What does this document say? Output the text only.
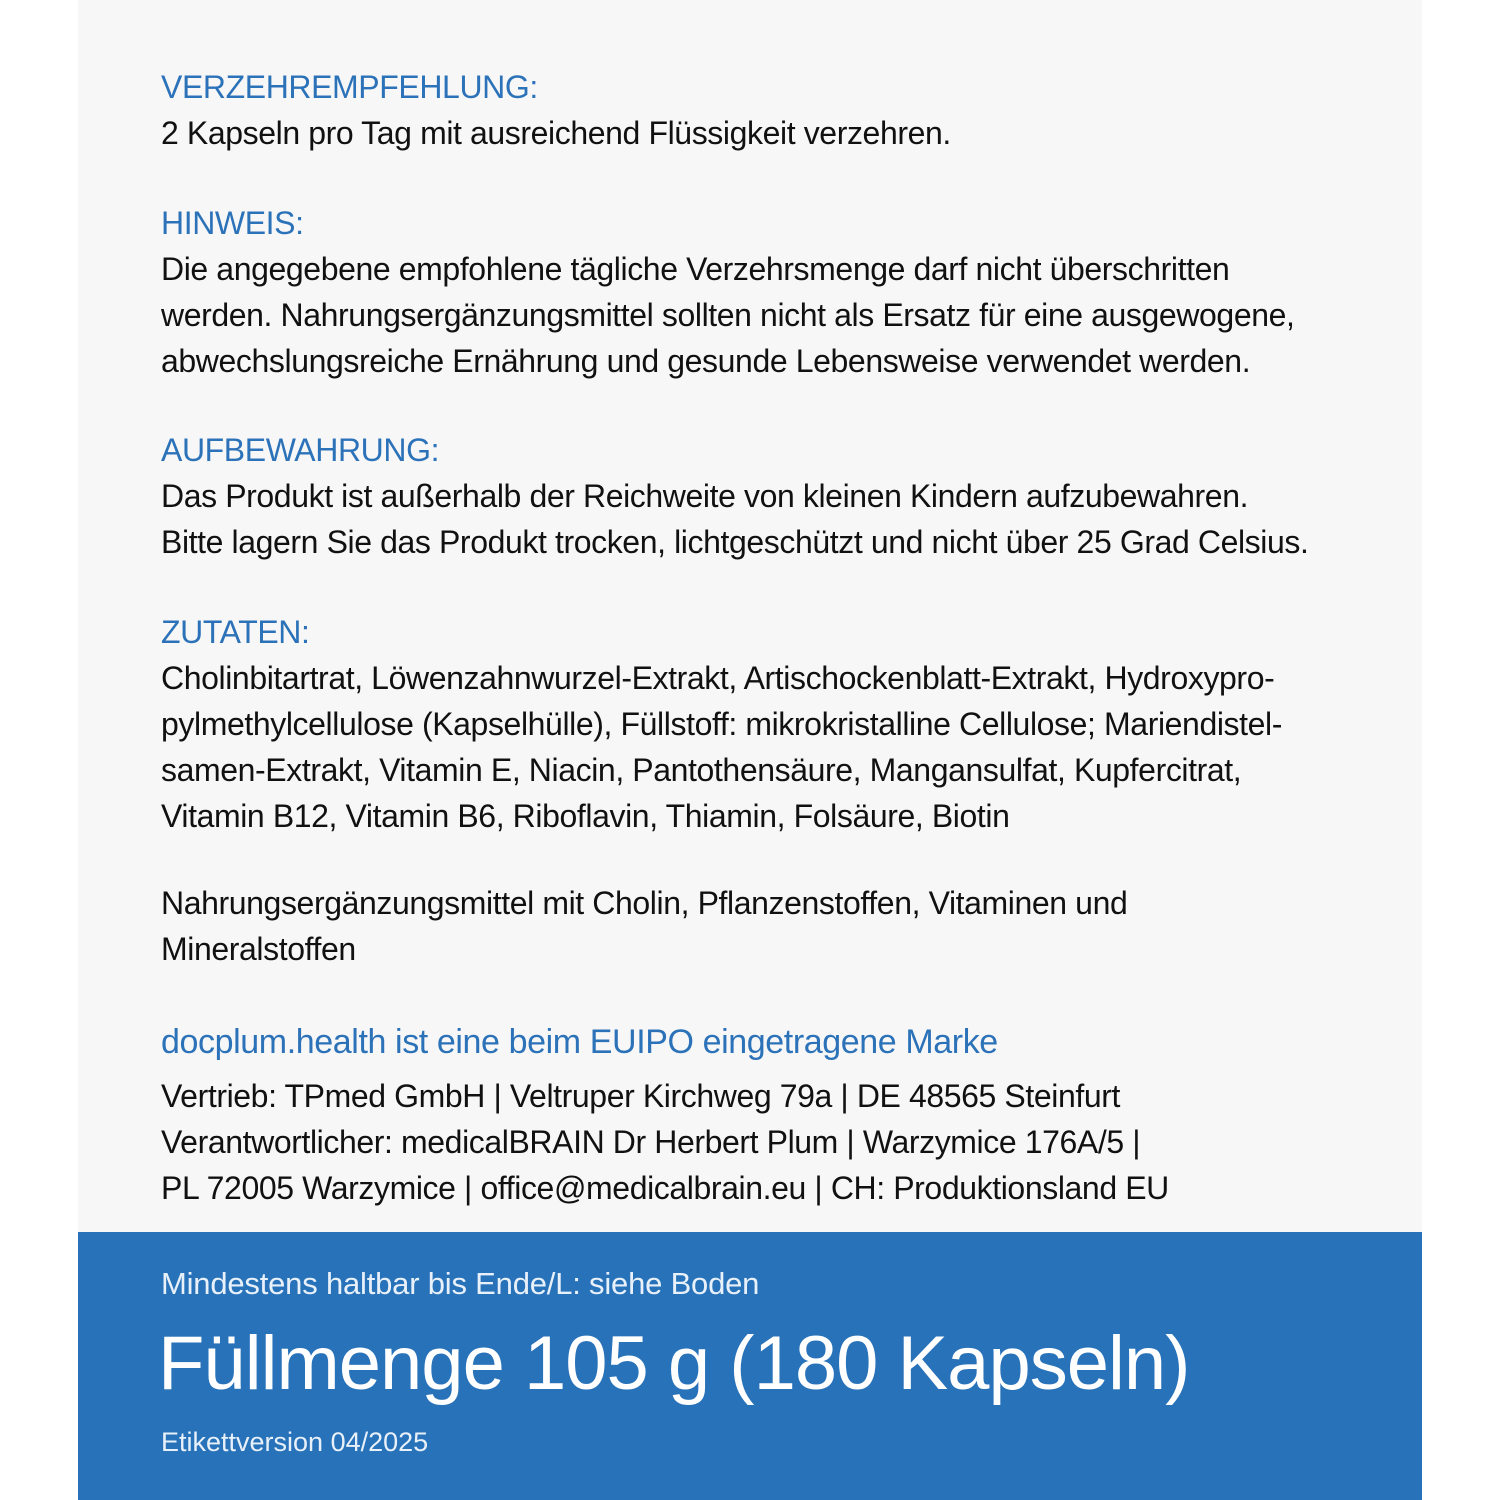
VERZEHREMPFEHLUNG:
2 Kapseln pro Tag mit ausreichend Flüssigkeit verzehren.
HINWEIS:
Die angegebene empfohlene tägliche Verzehrsmenge darf nicht überschritten
werden. Nahrungsergänzungsmittel sollten nicht als Ersatz für eine ausgewogene,
abwechslungsreiche Ernährung und gesunde Lebensweise verwendet werden.
AUFBEWAHRUNG:
Das Produkt ist außerhalb der Reichweite von kleinen Kindern aufzubewahren.
Bitte lagern Sie das Produkt trocken, lichtgeschützt und nicht über 25 Grad Celsius.
ZUTATEN:
Cholinbitartrat, Löwenzahnwurzel-Extrakt, Artischockenblatt-Extrakt, Hydroxypro-
pylmethylcellulose (Kapselhülle), Füllstoff: mikrokristalline Cellulose; Mariendistel-
samen-Extrakt, Vitamin E, Niacin, Pantothensäure, Mangansulfat, Kupfercitrat,
Vitamin B12, Vitamin B6, Riboflavin, Thiamin, Folsäure, Biotin
Nahrungsergänzungsmittel mit Cholin, Pflanzenstoffen, Vitaminen und
Mineralstoffen
docplum.health ist eine beim EUIPO eingetragene Marke
Vertrieb: TPmed GmbH | Veltruper Kirchweg 79a | DE 48565 Steinfurt
Verantwortlicher: medicalBRAIN Dr Herbert Plum | Warzymice 176A/5 |
PL 72005 Warzymice | office@medicalbrain.eu | CH: Produktionsland EU
Mindestens haltbar bis Ende/L: siehe Boden
Füllmenge 105 g (180 Kapseln)
Etikettversion 04/2025
